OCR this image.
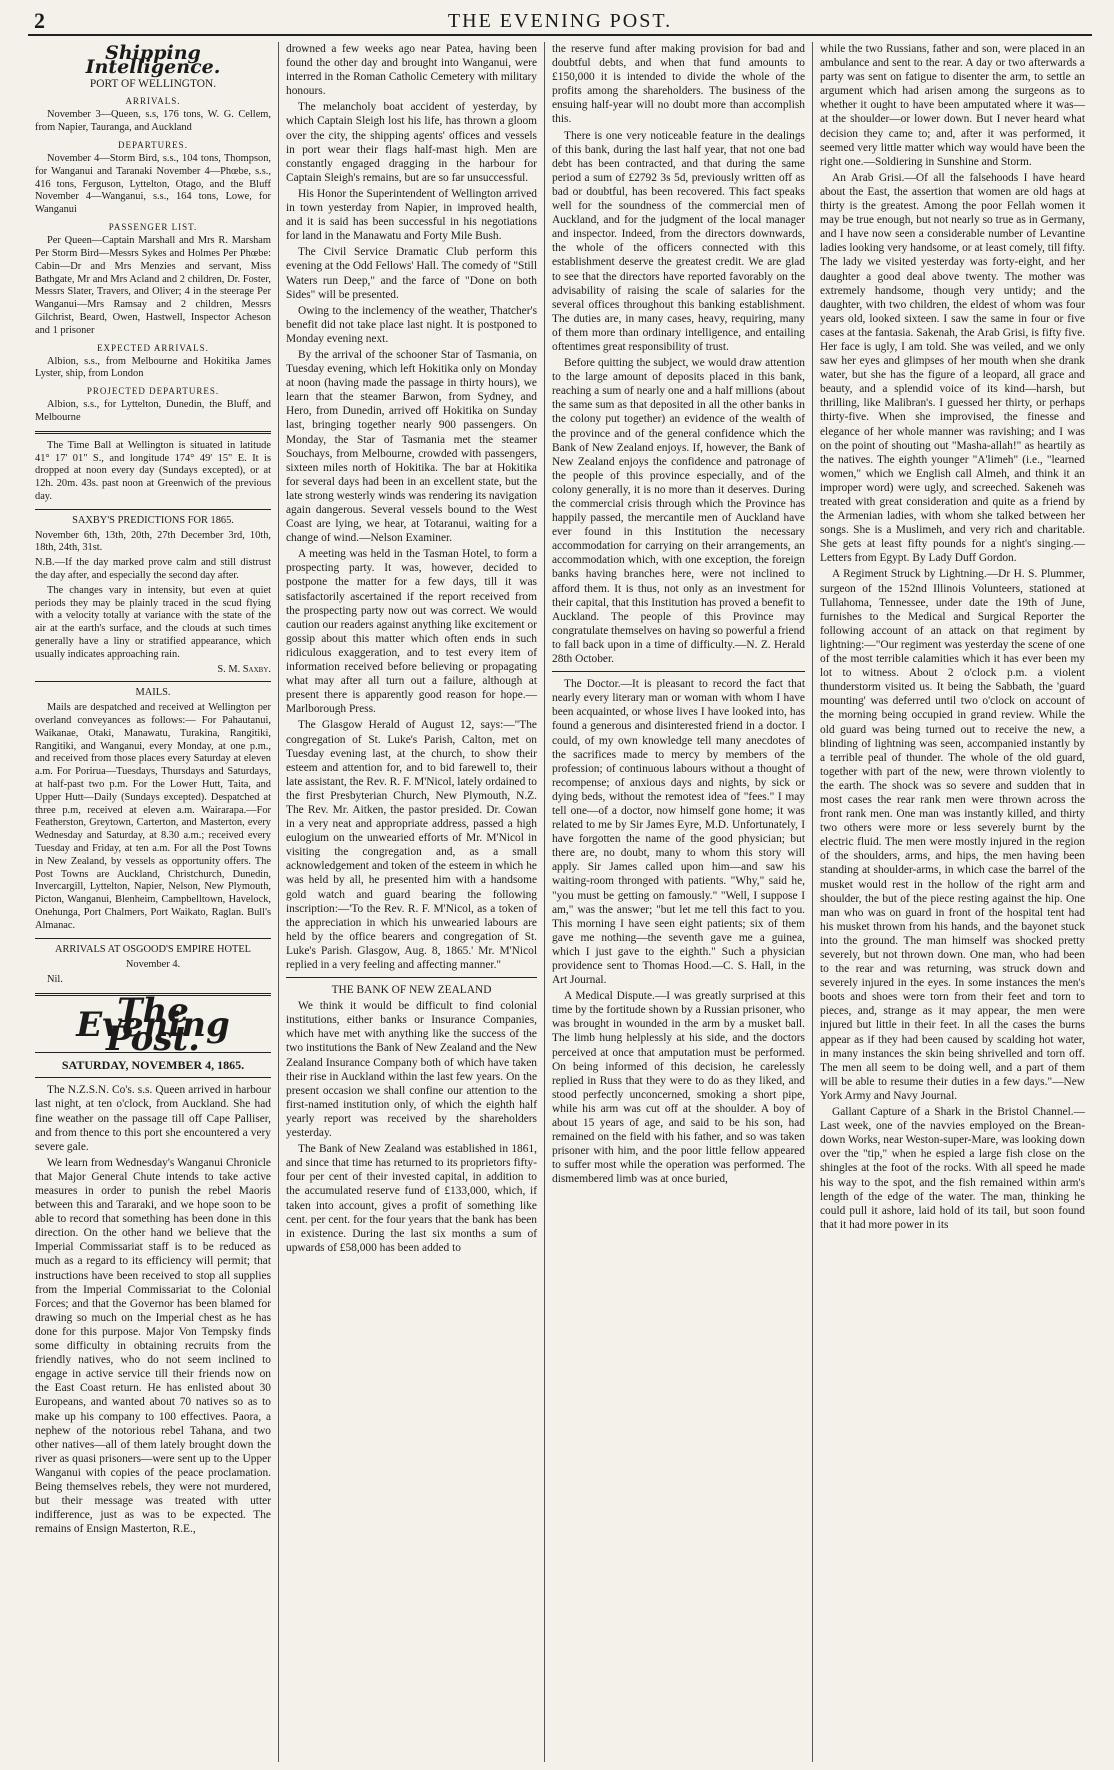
2	THE EVENING POST.
Shipping Intelligence.
PORT OF WELLINGTON.
ARRIVALS.

November 3—Queen, s.s, 176 tons, W. G. Cellem, from Napier, Tauranga, and Auckland

DEPARTURES.

November 4—Storm Bird, s.s., 104 tons, Thompson, for Wanganui and Taranaki November 4—Phœbe, s.s., 416 tons, Ferguson, Lyttelton, Otago, and the Bluff November 4—Wanganui, s.s., 164 tons, Lowe, for Wanganui

PASSENGER LIST.

Per Queen—Captain Marshall and Mrs R. Marsham Per Storm Bird—Messrs Sykes and Holmes Per Phœbe: Cabin—Dr and Mrs Menzies and servant, Miss Bathgate, Mr and Mrs Acland and 2 children, Dr. Foster, Messrs Slater, Travers, and Oliver; 4 in the steerage Per Wanganui—Mrs Ramsay and 2 children, Messrs Gilchrist, Beard, Owen, Hastwell, Inspector Acheson and 1 prisoner

EXPECTED ARRIVALS.

Albion, s.s., from Melbourne and Hokitika James Lyster, ship, from London

PROJECTED DEPARTURES.

Albion, s.s., for Lyttelton, Dunedin, the Bluff, and Melbourne

The Time Ball at Wellington is situated in latitude 41° 17' 01" S., and longitude 174° 49' 15" E. It is dropped at noon every day (Sundays excepted), or at 12h. 20m. 43s. past noon at Greenwich of the previous day.

SAXBY'S PREDICTIONS FOR 1865.

November 6th, 13th, 20th, 27th December 3rd, 10th, 18th, 24th, 31st.

N.B.—If the day marked prove calm and still distrust the day after, and especially the second day after.

The changes vary in intensity, but even at quiet periods they may be plainly traced in the scud flying with a velocity totally at variance with the state of the air at the earth's surface, and the clouds at such times generally have a liny or stratified appearance, which usually indicates approaching rain.

S. M. Saxby.
MAILS.

Mails are despatched and received at Wellington per overland conveyances as follows:— For Pahautanui, Waikanae, Otaki, Manawatu, Turakina, Rangitiki, Rangitiki, and Wanganui, every Monday, at one p.m., and received from those places every Saturday at eleven a.m. For Porirua—Tuesdays, Thursdays and Saturdays, at half-past two p.m. For the Lower Hutt, Taita, and Upper Hutt—Daily (Sundays excepted). Despatched at three p.m, received at eleven a.m. Wairarapa.—For Featherston, Greytown, Carterton, and Masterton, every Wednesday and Saturday, at 8.30 a.m.; received every Tuesday and Friday, at ten a.m. For all the Post Towns in New Zealand, by vessels as opportunity offers. The Post Towns are Auckland, Christchurch, Dunedin, Invercargill, Lyttelton, Napier, Nelson, New Plymouth, Picton, Wanganui, Blenheim, Campbelltown, Havelock, Onehunga, Port Chalmers, Port Waikato, Raglan. Bull's Almanac.

ARRIVALS AT OSGOOD'S EMPIRE HOTEL
November 4.

Nil.

The Evening Post.
SATURDAY, NOVEMBER 4, 1865.

The N.Z.S.N. Co's. s.s. Queen arrived in harbour last night, at ten o'clock, from Auckland. She had fine weather on the passage till off Cape Palliser, and from thence to this port she encountered a very severe gale.

We learn from Wednesday's Wanganui Chronicle that Major General Chute intends to take active measures in order to punish the rebel Maoris between this and Tararaki, and we hope soon to be able to record that something has been done in this direction. On the other hand we believe that the Imperial Commissariat staff is to be reduced as much as a regard to its efficiency will permit; that instructions have been received to stop all supplies from the Imperial Commissariat to the Colonial Forces; and that the Governor has been blamed for drawing so much on the Imperial chest as he has done for this purpose. Major Von Tempsky finds some difficulty in obtaining recruits from the friendly natives, who do not seem inclined to engage in active service till their friends now on the East Coast return. He has enlisted about 30 Europeans, and wanted about 70 natives so as to make up his company to 100 effectives. Paora, a nephew of the notorious rebel Tahana, and two other natives—all of them lately brought down the river as quasi prisoners—were sent up to the Upper Wanganui with copies of the peace proclamation. Being themselves rebels, they were not murdered, but their message was treated with utter indifference, just as was to be expected. The remains of Ensign Masterton, R.E.,

drowned a few weeks ago near Patea, having been found the other day and brought into Wanganui, were interred in the Roman Catholic Cemetery with military honours.

The melancholy boat accident of yesterday, by which Captain Sleigh lost his life, has thrown a gloom over the city, the shipping agents' offices and vessels in port wear their flags half-mast high. Men are constantly engaged dragging in the harbour for Captain Sleigh's remains, but are so far unsuccessful.

His Honor the Superintendent of Wellington arrived in town yesterday from Napier, in improved health, and it is said has been successful in his negotiations for land in the Manawatu and Forty Mile Bush.

The Civil Service Dramatic Club perform this evening at the Odd Fellows' Hall. The comedy of "Still Waters run Deep," and the farce of "Done on both Sides" will be presented.

Owing to the inclemency of the weather, Thatcher's benefit did not take place last night. It is postponed to Monday evening next.

By the arrival of the schooner Star of Tasmania, on Tuesday evening, which left Hokitika only on Monday at noon (having made the passage in thirty hours), we learn that the steamer Barwon, from Sydney, and Hero, from Dunedin, arrived off Hokitika on Sunday last, bringing together nearly 900 passengers. On Monday, the Star of Tasmania met the steamer Souchays, from Melbourne, crowded with passengers, sixteen miles north of Hokitika. The bar at Hokitika for several days had been in an excellent state, but the late strong westerly winds was rendering its navigation again dangerous. Several vessels bound to the West Coast are lying, we hear, at Totaranui, waiting for a change of wind.—Nelson Examiner.

A meeting was held in the Tasman Hotel, to form a prospecting party. It was, however, decided to postpone the matter for a few days, till it was satisfactorily ascertained if the report received from the prospecting party now out was correct. We would caution our readers against anything like excitement or gossip about this matter which often ends in such ridiculous exaggeration, and to test every item of information received before believing or propagating what may after all turn out a failure, although at present there is apparently good reason for hope.—Marlborough Press.

The Glasgow Herald of August 12, says:—"The congregation of St. Luke's Parish, Calton, met on Tuesday evening last, at the church, to show their esteem and attention for, and to bid farewell to, their late assistant, the Rev. R. F. M'Nicol, lately ordained to the first Presbyterian Church, New Plymouth, N.Z. The Rev. Mr. Aitken, the pastor presided. Dr. Cowan in a very neat and appropriate address, passed a high eulogium on the unwearied efforts of Mr. M'Nicol in visiting the congregation and, as a small acknowledgement and token of the esteem in which he was held by all, he presented him with a handsome gold watch and guard bearing the following inscription:—'To the Rev. R. F. M'Nicol, as a token of the appreciation in which his unwearied labours are held by the office bearers and congregation of St. Luke's Parish. Glasgow, Aug. 8, 1865.' Mr. M'Nicol replied in a very feeling and affecting manner."

THE BANK OF NEW ZEALAND

We think it would be difficult to find colonial institutions, either banks or Insurance Companies, which have met with anything like the success of the two institutions the Bank of New Zealand and the New Zealand Insurance Company both of which have taken their rise in Auckland within the last few years. On the present occasion we shall confine our attention to the first-named institution only, of which the eighth half yearly report was received by the shareholders yesterday.

The Bank of New Zealand was established in 1861, and since that time has returned to its proprietors fifty-four per cent of their invested capital, in addition to the accumulated reserve fund of £133,000, which, if taken into account, gives a profit of something like cent. per cent. for the four years that the bank has been in existence. During the last six months a sum of upwards of £58,000 has been added to

the reserve fund after making provision for bad and doubtful debts, and when that fund amounts to £150,000 it is intended to divide the whole of the profits among the shareholders. The business of the ensuing half-year will no doubt more than accomplish this.

There is one very noticeable feature in the dealings of this bank, during the last half year, that not one bad debt has been contracted, and that during the same period a sum of £2792 3s 5d, previously written off as bad or doubtful, has been recovered. This fact speaks well for the soundness of the commercial men of Auckland, and for the judgment of the local manager and inspector. Indeed, from the directors downwards, the whole of the officers connected with this establishment deserve the greatest credit. We are glad to see that the directors have reported favorably on the advisability of raising the scale of salaries for the several offices throughout this banking establishment. The duties are, in many cases, heavy, requiring, many of them more than ordinary intelligence, and entailing oftentimes great responsibility of trust.

Before quitting the subject, we would draw attention to the large amount of deposits placed in this bank, reaching a sum of nearly one and a half millions (about the same sum as that deposited in all the other banks in the colony put together) an evidence of the wealth of the province and of the general confidence which the Bank of New Zealand enjoys. If, however, the Bank of New Zealand enjoys the confidence and patronage of the people of this province especially, and of the colony generally, it is no more than it deserves. During the commercial crisis through which the Province has happily passed, the mercantile men of Auckland have ever found in this Institution the necessary accommodation for carrying on their arrangements, an accommodation which, with one exception, the foreign banks having branches here, were not inclined to afford them. It is thus, not only as an investment for their capital, that this Institution has proved a benefit to Auckland. The people of this Province may congratulate themselves on having so powerful a friend to fall back upon in a time of difficulty.—N. Z. Herald 28th October.

The Doctor.—It is pleasant to record the fact that nearly every literary man or woman with whom I have been acquainted, or whose lives I have looked into, has found a generous and disinterested friend in a doctor. I could, of my own knowledge tell many anecdotes of the sacrifices made to mercy by members of the profession; of continuous labours without a thought of recompense; of anxious days and nights, by sick or dying beds, without the remotest idea of "fees." I may tell one—of a doctor, now himself gone home; it was related to me by Sir James Eyre, M.D. Unfortunately, I have forgotten the name of the good physician; but there are, no doubt, many to whom this story will apply. Sir James called upon him—and saw his waiting-room thronged with patients. "Why," said he, "you must be getting on famously." "Well, I suppose I am," was the answer; "but let me tell this fact to you. This morning I have seen eight patients; six of them gave me nothing—the seventh gave me a guinea, which I just gave to the eighth." Such a physician providence sent to Thomas Hood.—C. S. Hall, in the Art Journal.

A Medical Dispute.—I was greatly surprised at this time by the fortitude shown by a Russian prisoner, who was brought in wounded in the arm by a musket ball. The limb hung helplessly at his side, and the doctors perceived at once that amputation must be performed. On being informed of this decision, he carelessly replied in Russ that they were to do as they liked, and stood perfectly unconcerned, smoking a short pipe, while his arm was cut off at the shoulder. A boy of about 15 years of age, and said to be his son, had remained on the field with his father, and so was taken prisoner with him, and the poor little fellow appeared to suffer most while the operation was performed. The dismembered limb was at once buried,

while the two Russians, father and son, were placed in an ambulance and sent to the rear. A day or two afterwards a party was sent on fatigue to disenter the arm, to settle an argument which had arisen among the surgeons as to whether it ought to have been amputated where it was—at the shoulder—or lower down. But I never heard what decision they came to; and, after it was performed, it seemed very little matter which way would have been the right one.—Soldiering in Sunshine and Storm.

An Arab Grisi.—Of all the falsehoods I have heard about the East, the assertion that women are old hags at thirty is the greatest. Among the poor Fellah women it may be true enough, but not nearly so true as in Germany, and I have now seen a considerable number of Levantine ladies looking very handsome, or at least comely, till fifty. The lady we visited yesterday was forty-eight, and her daughter a good deal above twenty. The mother was extremely handsome, though very untidy; and the daughter, with two children, the eldest of whom was four years old, looked sixteen. I saw the same in four or five cases at the fantasia. Sakenah, the Arab Grisi, is fifty five. Her face is ugly, I am told. She was veiled, and we only saw her eyes and glimpses of her mouth when she drank water, but she has the figure of a leopard, all grace and beauty, and a splendid voice of its kind—harsh, but thrilling, like Malibran's. I guessed her thirty, or perhaps thirty-five. When she improvised, the finesse and elegance of her whole manner was ravishing; and I was on the point of shouting out "Masha-allah!" as heartily as the natives. The eighth younger "A'limeh" (i.e., "learned women," which we English call Almeh, and think it an improper word) were ugly, and screeched. Sakeneh was treated with great consideration and quite as a friend by the Armenian ladies, with whom she talked between her songs. She is a Muslimeh, and very rich and charitable. She gets at least fifty pounds for a night's singing.—Letters from Egypt. By Lady Duff Gordon.

A Regiment Struck by Lightning.—Dr H. S. Plummer, surgeon of the 152nd Illinois Volunteers, stationed at Tullahoma, Tennessee, under date the 19th of June, furnishes to the Medical and Surgical Reporter the following account of an attack on that regiment by lightning:—"Our regiment was yesterday the scene of one of the most terrible calamities which it has ever been my lot to witness. About 2 o'clock p.m. a violent thunderstorm visited us. It being the Sabbath, the 'guard mounting' was deferred until two o'clock on account of the morning being occupied in grand review. While the old guard was being turned out to receive the new, a blinding of lightning was seen, accompanied instantly by a terrible peal of thunder. The whole of the old guard, together with part of the new, were thrown violently to the earth. The shock was so severe and sudden that in most cases the rear rank men were thrown across the front rank men. One man was instantly killed, and thirty two others were more or less severely burnt by the electric fluid. The men were mostly injured in the region of the shoulders, arms, and hips, the men having been standing at shoulder-arms, in which case the barrel of the musket would rest in the hollow of the right arm and shoulder, the but of the piece resting against the hip. One man who was on guard in front of the hospital tent had his musket thrown from his hands, and the bayonet stuck into the ground. The man himself was shocked pretty severely, but not thrown down. One man, who had been to the rear and was returning, was struck down and severely injured in the eyes. In some instances the men's boots and shoes were torn from their feet and torn to pieces, and, strange as it may appear, the men were injured but little in their feet. In all the cases the burns appear as if they had been caused by scalding hot water, in many instances the skin being shrivelled and torn off. The men all seem to be doing well, and a part of them will be able to resume their duties in a few days."—New York Army and Navy Journal.

Gallant Capture of a Shark in the Bristol Channel.—Last week, one of the navvies employed on the Brean-down Works, near Weston-super-Mare, was looking down over the "tip," when he espied a large fish close on the shingles at the foot of the rocks. With all speed he made his way to the spot, and the fish remained within arm's length of the edge of the water. The man, thinking he could pull it ashore, laid hold of its tail, but soon found that it had more power in its
